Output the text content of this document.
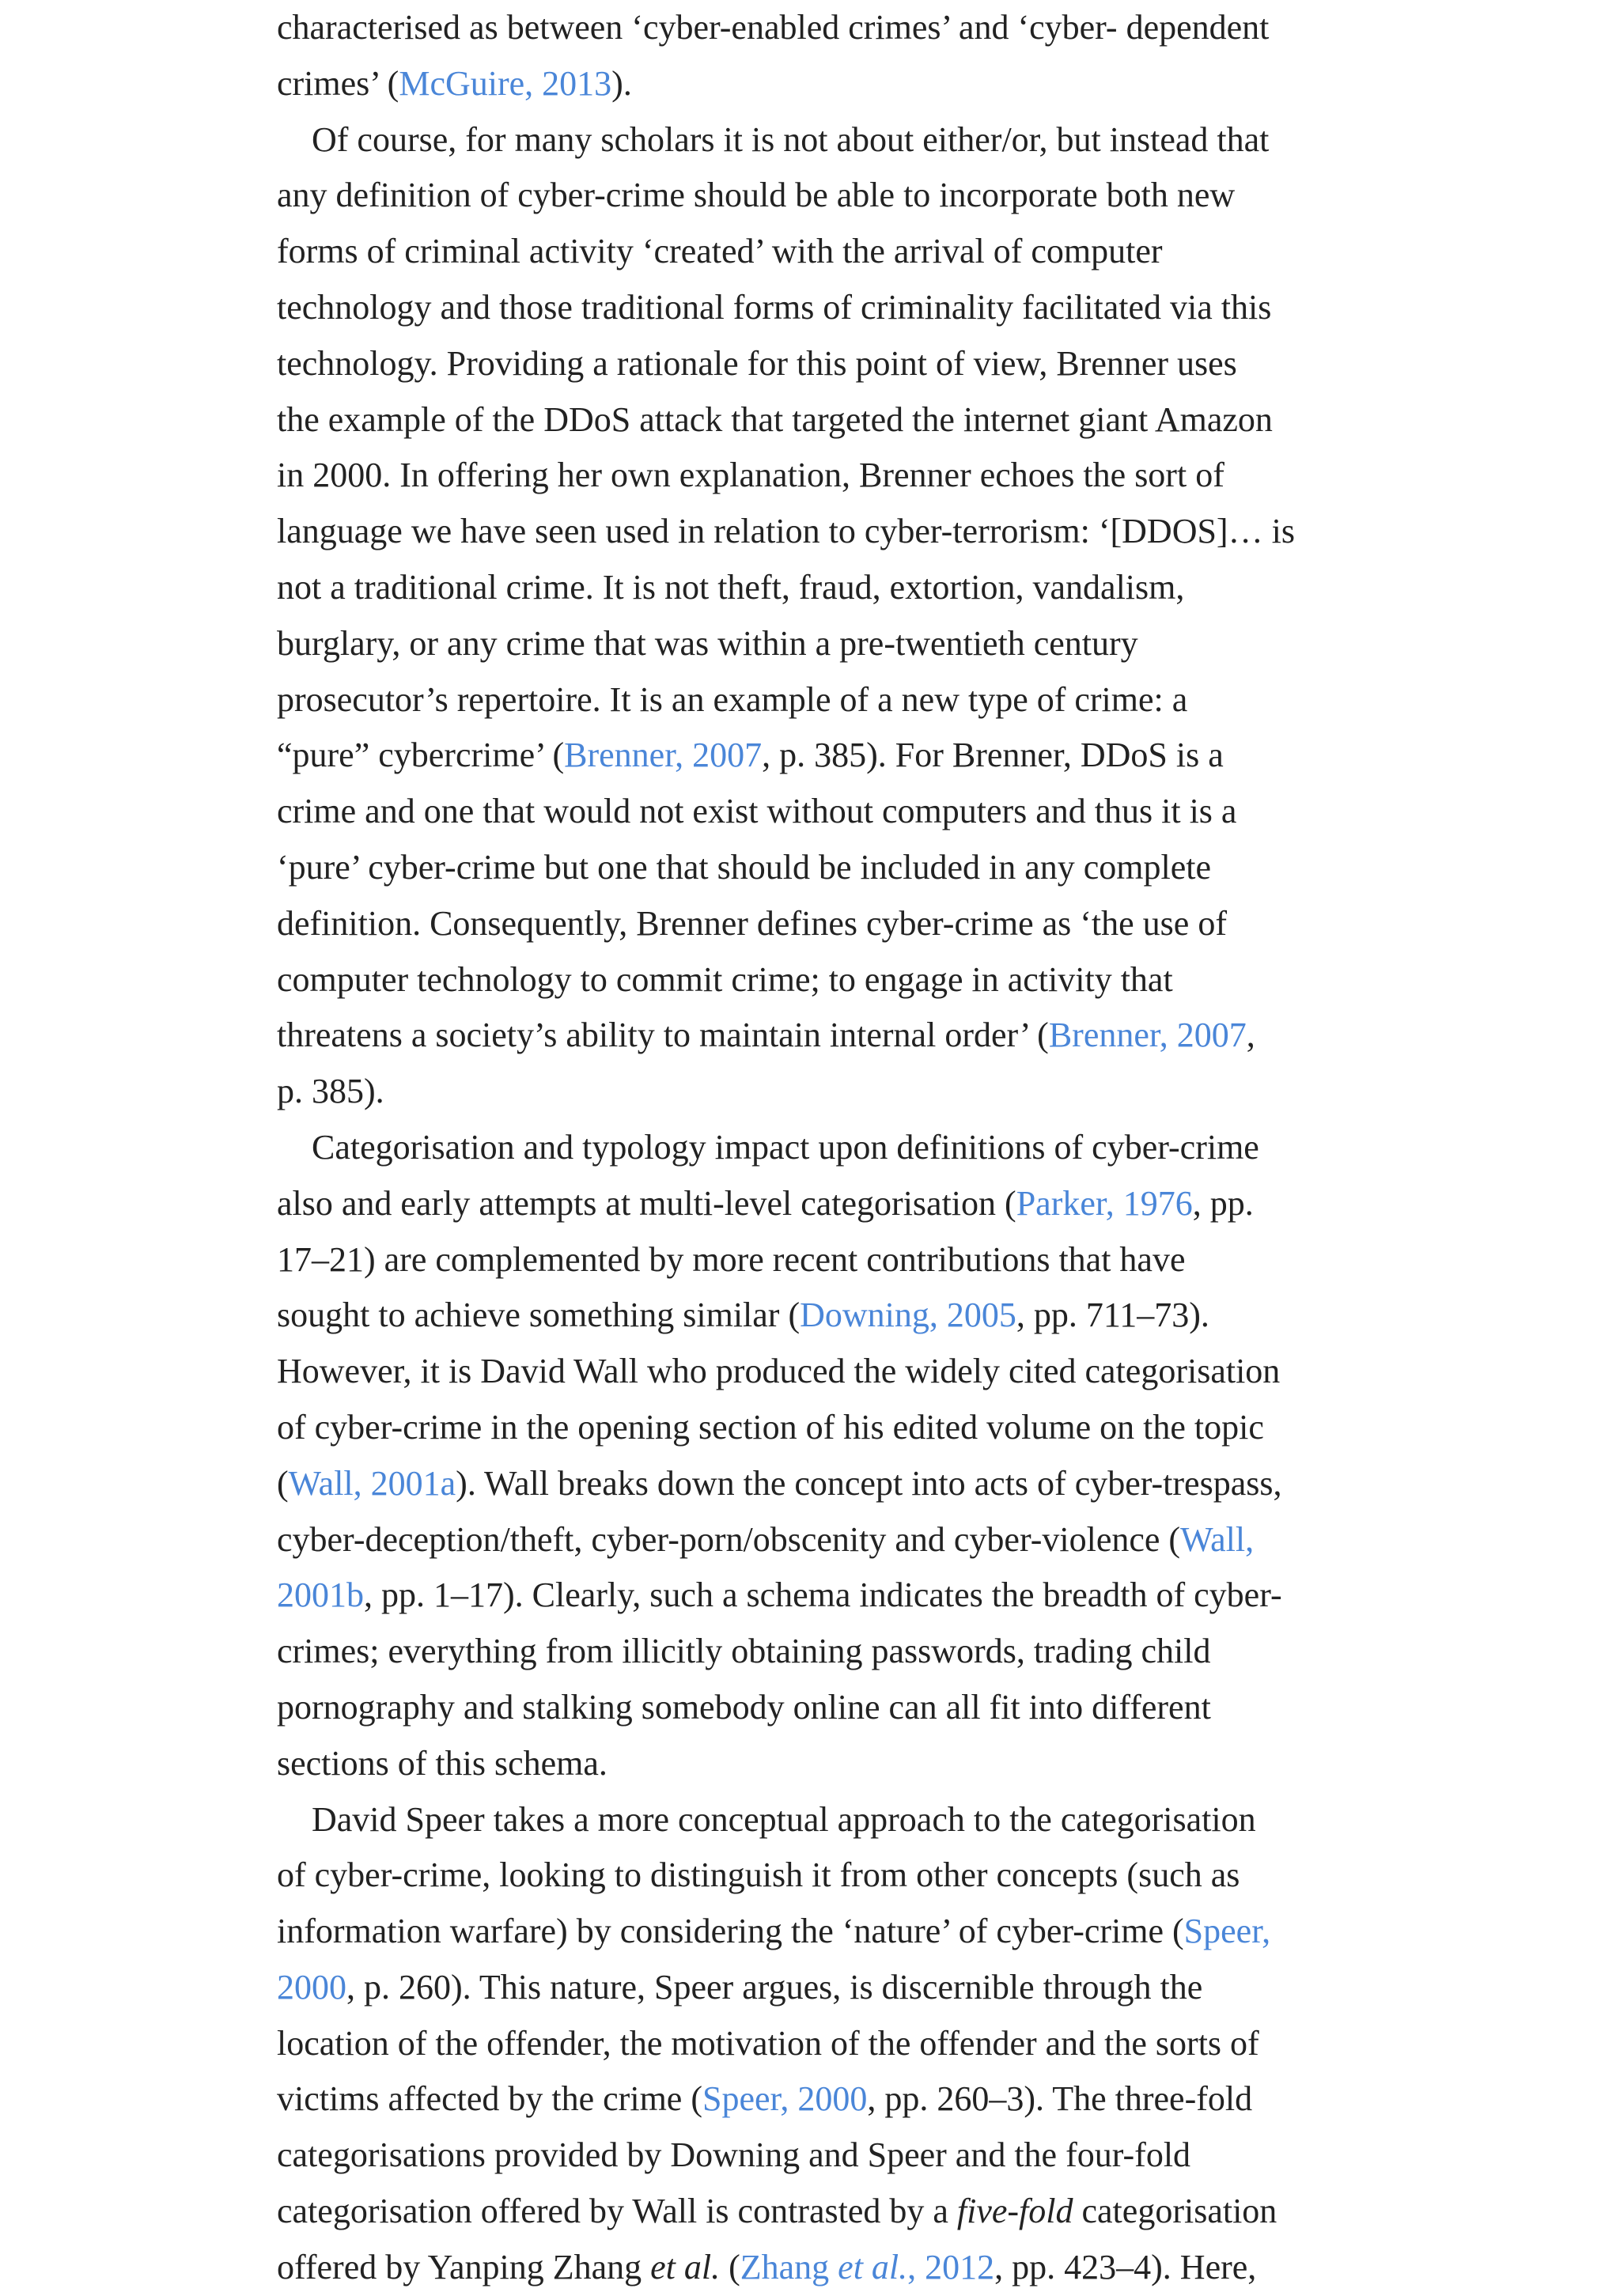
characterised as between ‘cyber-enabled crimes’ and ‘cyber- dependent
crimes’ (McGuire, 2013).
Of course, for many scholars it is not about either/or, but instead that
any definition of cyber-crime should be able to incorporate both new
forms of criminal activity ‘created’ with the arrival of computer
technology and those traditional forms of criminality facilitated via this
technology. Providing a rationale for this point of view, Brenner uses
the example of the DDoS attack that targeted the internet giant Amazon
in 2000. In offering her own explanation, Brenner echoes the sort of
language we have seen used in relation to cyber-terrorism: ‘[DDOS]… is
not a traditional crime. It is not theft, fraud, extortion, vandalism,
burglary, or any crime that was within a pre-twentieth century
prosecutor’s repertoire. It is an example of a new type of crime: a
“pure” cybercrime’ (Brenner, 2007, p. 385). For Brenner, DDoS is a
crime and one that would not exist without computers and thus it is a
‘pure’ cyber-crime but one that should be included in any complete
definition. Consequently, Brenner defines cyber-crime as ‘the use of
computer technology to commit crime; to engage in activity that
threatens a society’s ability to maintain internal order’ (Brenner, 2007,
p. 385).
Categorisation and typology impact upon definitions of cyber-crime
also and early attempts at multi-level categorisation (Parker, 1976, pp.
17–21) are complemented by more recent contributions that have
sought to achieve something similar (Downing, 2005, pp. 711–73).
However, it is David Wall who produced the widely cited categorisation
of cyber-crime in the opening section of his edited volume on the topic
(Wall, 2001a). Wall breaks down the concept into acts of cyber-trespass,
cyber-deception/theft, cyber-porn/obscenity and cyber-violence (Wall,
2001b, pp. 1–17). Clearly, such a schema indicates the breadth of cyber-
crimes; everything from illicitly obtaining passwords, trading child
pornography and stalking somebody online can all fit into different
sections of this schema.
David Speer takes a more conceptual approach to the categorisation
of cyber-crime, looking to distinguish it from other concepts (such as
information warfare) by considering the ‘nature’ of cyber-crime (Speer,
2000, p. 260). This nature, Speer argues, is discernible through the
location of the offender, the motivation of the offender and the sorts of
victims affected by the crime (Speer, 2000, pp. 260–3). The three-fold
categorisations provided by Downing and Speer and the four-fold
categorisation offered by Wall is contrasted by a five-fold categorisation
offered by Yanping Zhang et al. (Zhang et al., 2012, pp. 423–4). Here,
